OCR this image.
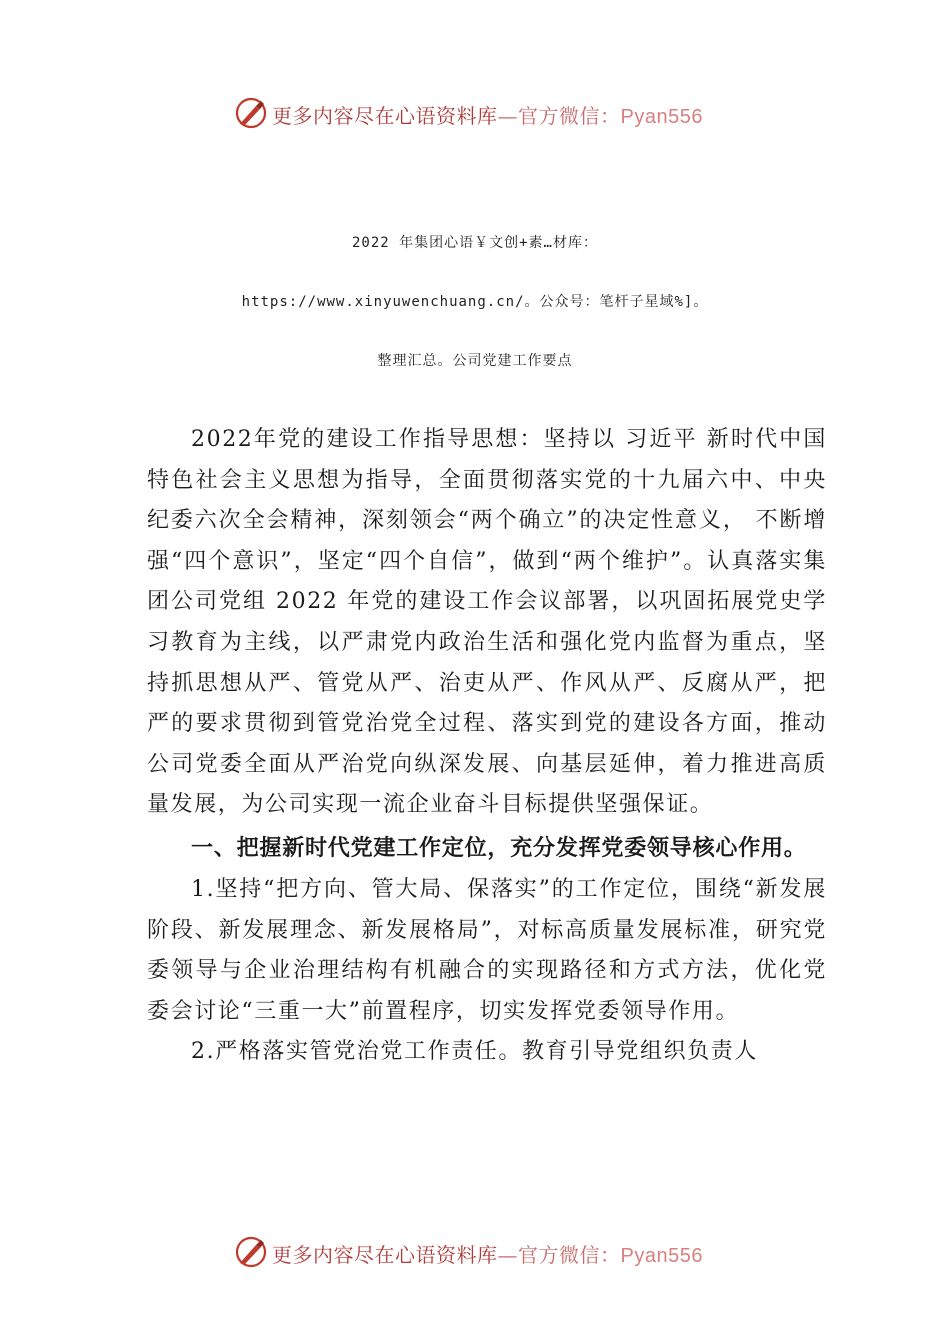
更多内容尽在心语资料库—官方微信：Pyan556
2022 年集团心语￥文创+素…材库：
https://www.xinyuwenchuang.cn/。公众号：笔杆子星域%]。
整理汇总。公司党建工作要点

2022年党的建设工作指导思想：坚持以 习近平 新时代中国特色社会主义思想为指导，全面贯彻落实党的十九届六中、中央纪委六次全会精神，深刻领会“两个确立”的决定性意义， 不断增强“四个意识”，坚定“四个自信”，做到“两个维护”。认真落实集团公司党组 2022 年党的建设工作会议部署，以巩固拓展党史学习教育为主线，以严肃党内政治生活和强化党内监督为重点，坚持抓思想从严、管党从严、治吏从严、作风从严、反腐从严，把严的要求贯彻到管党治党全过程、落实到党的建设各方面，推动公司党委全面从严治党向纵深发展、向基层延伸，着力推进高质量发展，为公司实现一流企业奋斗目标提供坚强保证。

一、把握新时代党建工作定位，充分发挥党委领导核心作用。

1.坚持“把方向、管大局、保落实”的工作定位，围绕“新发展阶段、新发展理念、新发展格局”，对标高质量发展标准，研究党委领导与企业治理结构有机融合的实现路径和方式方法，优化党委会讨论“三重一大”前置程序，切实发挥党委领导作用。

2.严格落实管党治党工作责任。教育引导党组织负责人

更多内容尽在心语资料库—官方微信：Pyan556
